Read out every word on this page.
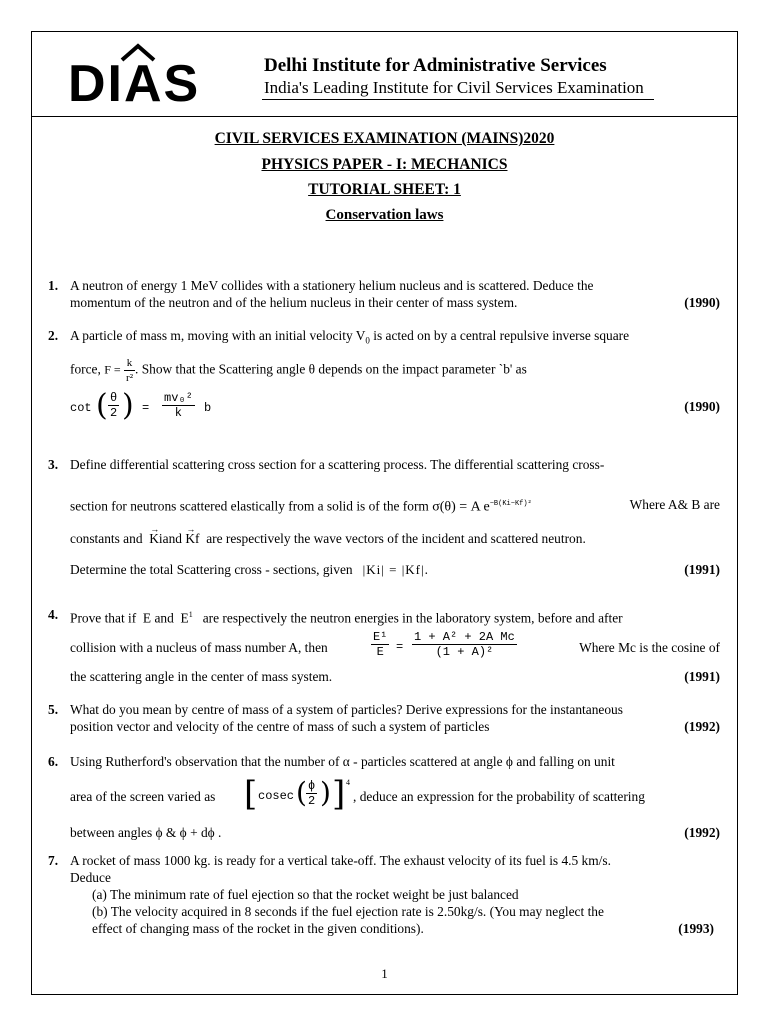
DIAS	Delhi Institute for Administrative Services
India's Leading Institute for Civil Services Examination
CIVIL SERVICES EXAMINATION (MAINS)2020
PHYSICS PAPER - I: MECHANICS
TUTORIAL SHEET: 1
Conservation laws
1. A neutron of energy 1 MeV collides with a stationery helium nucleus and is scattered. Deduce the
momentum of the neutron and of the helium nucleus in their center of mass system.	(1990)
2. A particle of mass m, moving with an initial velocity $V_0$ is acted on by a central repulsive inverse square
force, $F = \frac{k}{\text{r²}}$ . Show that the Scattering angle θ depends on the impact parameter `b' as
cot ( $\frac{\theta}{2}$ ) = $\frac{\text{mv₀²}}{k}$ b	(1990)
3. Define differential scattering cross section for a scattering process. The differential scattering cross-
section for neutrons scattered elastically from a solid is of the form σ(θ) = A $e^{-B(Ki-Kf)^2}$	Where A& B are
constants and → Kiand → Kf are respectively the wave vectors of the incident and scattered neutron.
Determine the total Scattering cross - sections, given |Ki| = |Kf|.	(1991)
4. Prove that if E and $E^1$ are respectively the neutron energies in the laboratory system, before and after
collision with a nucleus of mass number A, then	$\frac{\text{E¹}}{E} = \frac{\text{1 + A² + 2A Mc}}{\text{(1 + A)²}}$	Where Mc is the cosine of
the scattering angle in the center of mass system.	(1991)
5. What do you mean by centre of mass of a system of particles? Derive expressions for the instantaneous
position vector and velocity of the centre of mass of such a system of particles	(1992)
6. Using Rutherford's observation that the number of α - particles scattered at angle ϕ and falling on unit
area of the screen varied as [ cosec ( $\frac{\phi}{2}$ ) ] 4
, deduce an expression for the probability of scattering
between angles ϕ & ϕ + dϕ .	(1992)
7. A rocket of mass 1000 kg. is ready for a vertical take-off. The exhaust velocity of its fuel is 4.5 km/s.
Deduce
(a) The minimum rate of fuel ejection so that the rocket weight be just balanced
(b) The velocity acquired in 8 seconds if the fuel ejection rate is 2.50kg/s. (You may neglect the
effect of changing mass of the rocket in the given conditions).	(1993)
1
